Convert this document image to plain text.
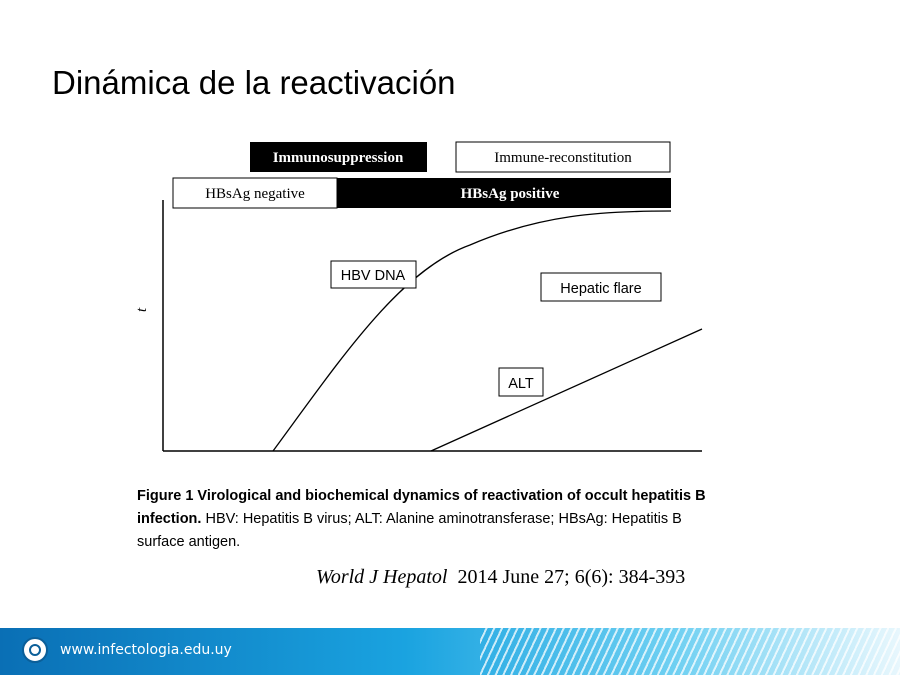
Dinámica de la reactivación
Immunosuppression	Immune-reconstitution
HBsAg negative	HBsAg positive
t
HBV DNA
Hepatic flare
ALT
Figure 1 Virological and biochemical dynamics of reactivation of occult hepatitis B infection. HBV: Hepatitis B virus; ALT: Alanine aminotransferase; HBsAg: Hepatitis B surface antigen.
World J Hepatol 2014 June 27; 6(6): 384-393
www.infectologia.edu.uy
